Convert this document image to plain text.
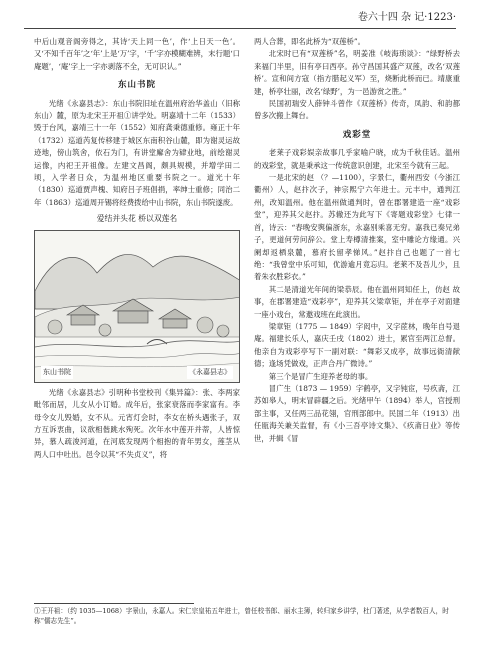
卷六十四 杂 记·1223·

中后山观音阁旁得之，其诗‘天上同一色’，作‘上日天一色’。又‘不知千百年’之‘年’上是‘万’字，‘千’字亦模糊难辨，末行题‘口庵题’，‘庵’字上一字亦剥落不全，无可识认。”

东山书院

光绪《永嘉县志》：东山书院旧址在温州府治华盖山（旧称东山）麓，原为北宋王开祖①讲学处。明嘉靖十二年（1533）毁于台风，嘉靖三十一年（1552）知府龚秉德重修。雍正十年（1732）巡道芮复传移建于城区东南积谷山麓，即为谢灵运故迹地，傍山筑舍，依石为门，有讲堂廨舍为肄业地，前绘谢灵运像，内祀王开祖像。左建文昌阁，颇具规模，并增学田二顷，入学者日众，为温州地区重要书院之一。道光十年（1830）巡道贾声槐、知府吕子班倡捐，率绅士重修；同治二年（1863）巡道周开锡将经费拨给中山书院，东山书院遂废。

爱结并头花 桥以双莲名
东山书院	《永嘉县志》

光绪《永嘉县志》引明种书堂校刊《集异篇》：张、李两家毗邻而居，儿女从小订婚。成年后，张家衰落而李家富有。李母令女儿毁婚，女不从。元宵灯会时，李女在桥头遇张子，双方互诉衷曲，议欲相偕跳水殉死。次年水中莲开并蒂，人皆惊异，慕人疏浚河道，在河底发现两个相抱的青年男女，莲茎从两人口中吐出。邑令以其“不失贞义”，将

两人合葬，即名此桥为“双莲桥”。

北宋时已有“双莲桥”名，明姜准《岐海琐谈》：“绿野桥去来福门半里，旧有亭曰西亭。孙守昌国其盛产双莲，改名‘双莲桥’。宣和间方寇（指方腊起义军）至，烧断此桥而已。靖康重建，桥亭壮丽，改名‘绿野’，为一邑游赏之胜。”

民国初瑞安人薛钟斗曾作《双莲桥》传奇，凤韵、和韵都曾多次搬上舞台。

戏彩堂

老莱子戏彩娱亲故事几乎家喻户晓，成为千秋佳话。温州的戏彩堂，就是秉承这一传统意识创建，北宋至今就有三起。

一是北宋的赵 （？—1100），字景仁，衢州西安（今浙江衢州）人，赵抃次子，神宗熙宁六年进士。元丰中，通判江州，改知温州。他在温州做通判时，曾在郡署建造一座“戏彩堂”，迎养其父赵抃。苏辙还为此写下《寄题戏彩堂》七律一首，诗云：“春晚安舆偏浙东，永嘉别乘喜无穷。嘉我已奏兄弟子，更道何劳问辞公。堂上寿樽清推案，室中雕论方缘通。兴阑却返栖泉麓，慕府长留孝悌风。”赵抃自己也题了一首七绝：“我曾堂中乐可知，优游逾月竟忘归。老莱不及吾儿少，且着朱衣胜彩衣。”

其二是清道光年间的梁恭辰。他在温州同知任上，仿赵 故事，在郡署建造“戏彩亭”，迎养其父梁章钜，并在亭子对面建一座小戏台，常邀戏班在此演出。

梁章钜（1775 — 1849）字闳中，又字茝林，晚年自号退庵。福建长乐人，嘉庆壬戌（1802）进士，累官至两江总督。他亲自为戏彩亭写下一副对联：“舞彩又成亭，故事远衙清献德；逢场凭做戏，正声合丹广微诗。”

第三个是冒广生迎养老母的事。

冒广生（1873 — 1959）字鹤亭，又字钝宦，号疚斋，江苏如皋人，明末冒辟疆之后。光绪甲午（1894）举人，官授刑部主事，又任两三品花翎，官刑部郎中。民国二年（1913）出任瓯海关兼关监督，有《小三吾亭诗文集》、《疚斋日业》等传世，并辑《冒

①王开祖：（约 1035—1068）字景山，永嘉人。宋仁宗皇祐五年进士，曾任校书郎、丽水主簿，转归家乡讲学，杜门著述，从学者数百人，时称“儒志先生”。
